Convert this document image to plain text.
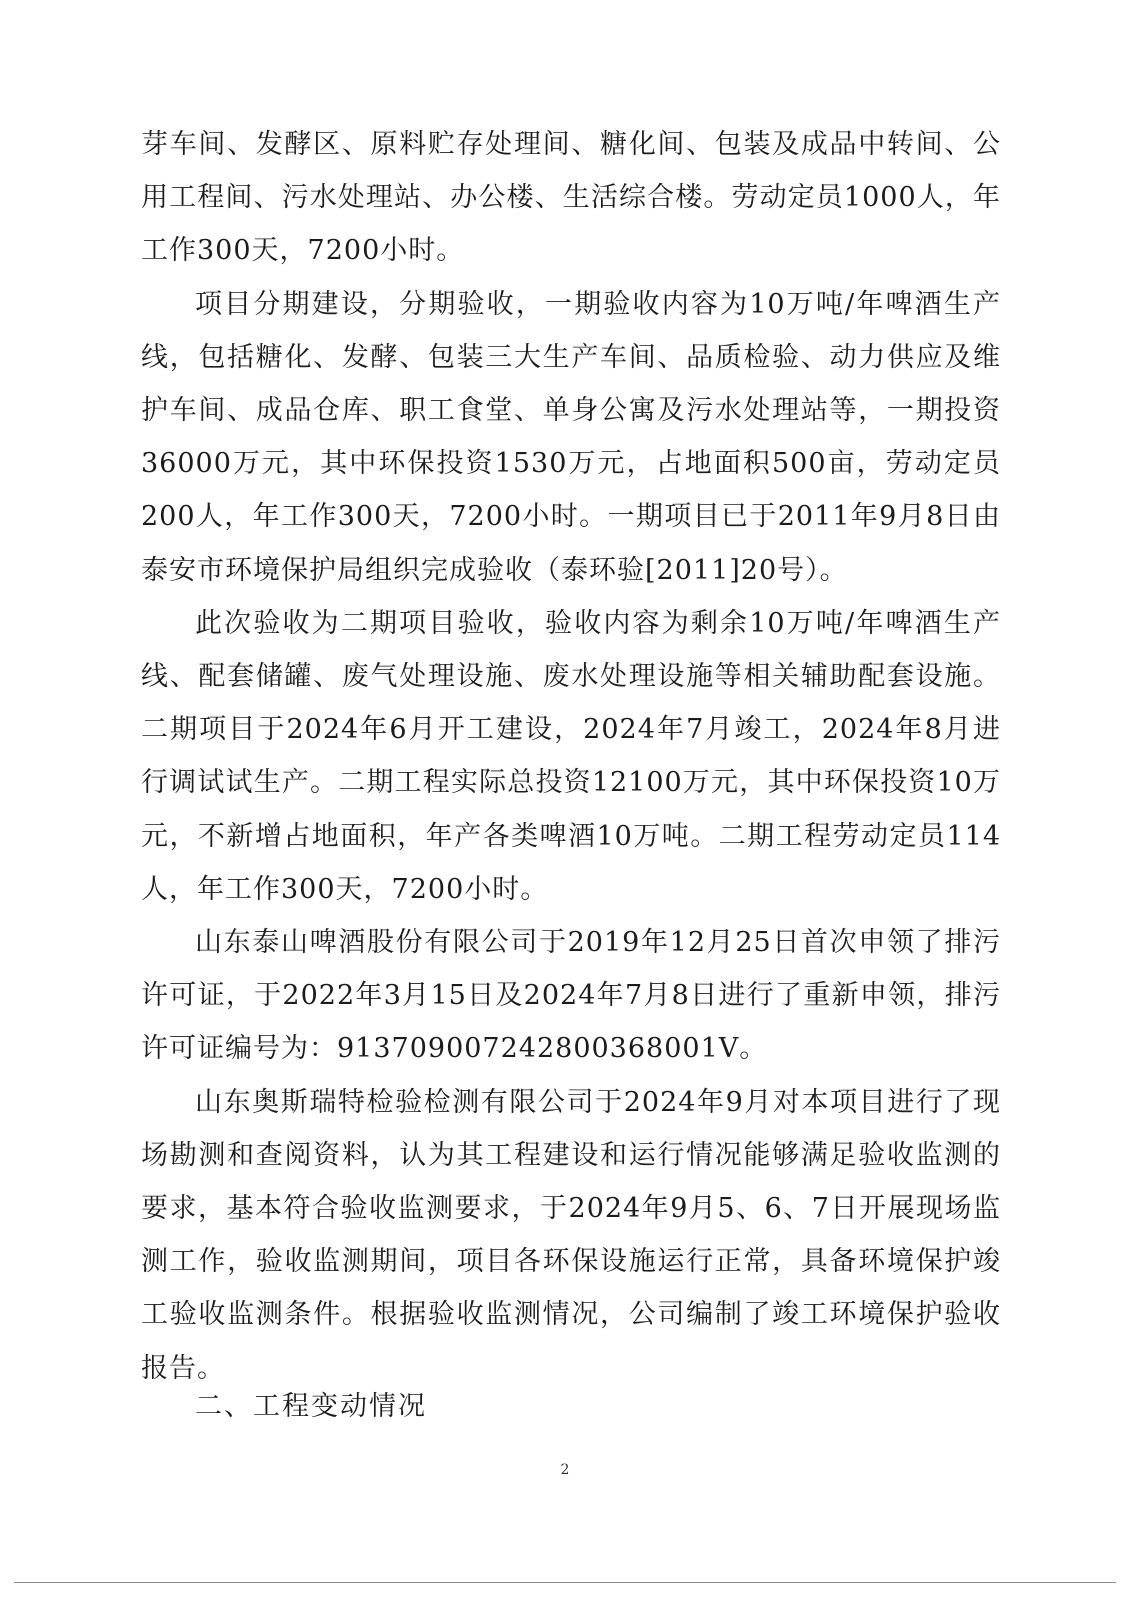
芽车间、发酵区、原料贮存处理间、糖化间、包装及成品中转间、公用工程间、污水处理站、办公楼、生活综合楼。劳动定员1000人，年工作300天，7200小时。

项目分期建设，分期验收，一期验收内容为10万吨/年啤酒生产线，包括糖化、发酵、包装三大生产车间、品质检验、动力供应及维护车间、成品仓库、职工食堂、单身公寓及污水处理站等，一期投资36000万元，其中环保投资1530万元，占地面积500亩，劳动定员200人，年工作300天，7200小时。一期项目已于2011年9月8日由泰安市环境保护局组织完成验收（泰环验[2011]20号）。

此次验收为二期项目验收，验收内容为剩余10万吨/年啤酒生产线、配套储罐、废气处理设施、废水处理设施等相关辅助配套设施。二期项目于2024年6月开工建设，2024年7月竣工，2024年8月进行调试试生产。二期工程实际总投资12100万元，其中环保投资10万元，不新增占地面积，年产各类啤酒10万吨。二期工程劳动定员114人，年工作300天，7200小时。

山东泰山啤酒股份有限公司于2019年12月25日首次申领了排污许可证，于2022年3月15日及2024年7月8日进行了重新申领，排污许可证编号为：91370900724280036800​1V。

山东奥斯瑞特检验检测有限公司于2024年9月对本项目进行了现场勘测和查阅资料，认为其工程建设和运行情况能够满足验收监测的要求，基本符合验收监测要求，于2024年9月5、6、7日开展现场监测工作，验收监测期间，项目各环保设施运行正常，具备环境保护竣工验收监测条件。根据验收监测情况，公司编制了竣工环境保护验收报告。

二、工程变动情况
2
